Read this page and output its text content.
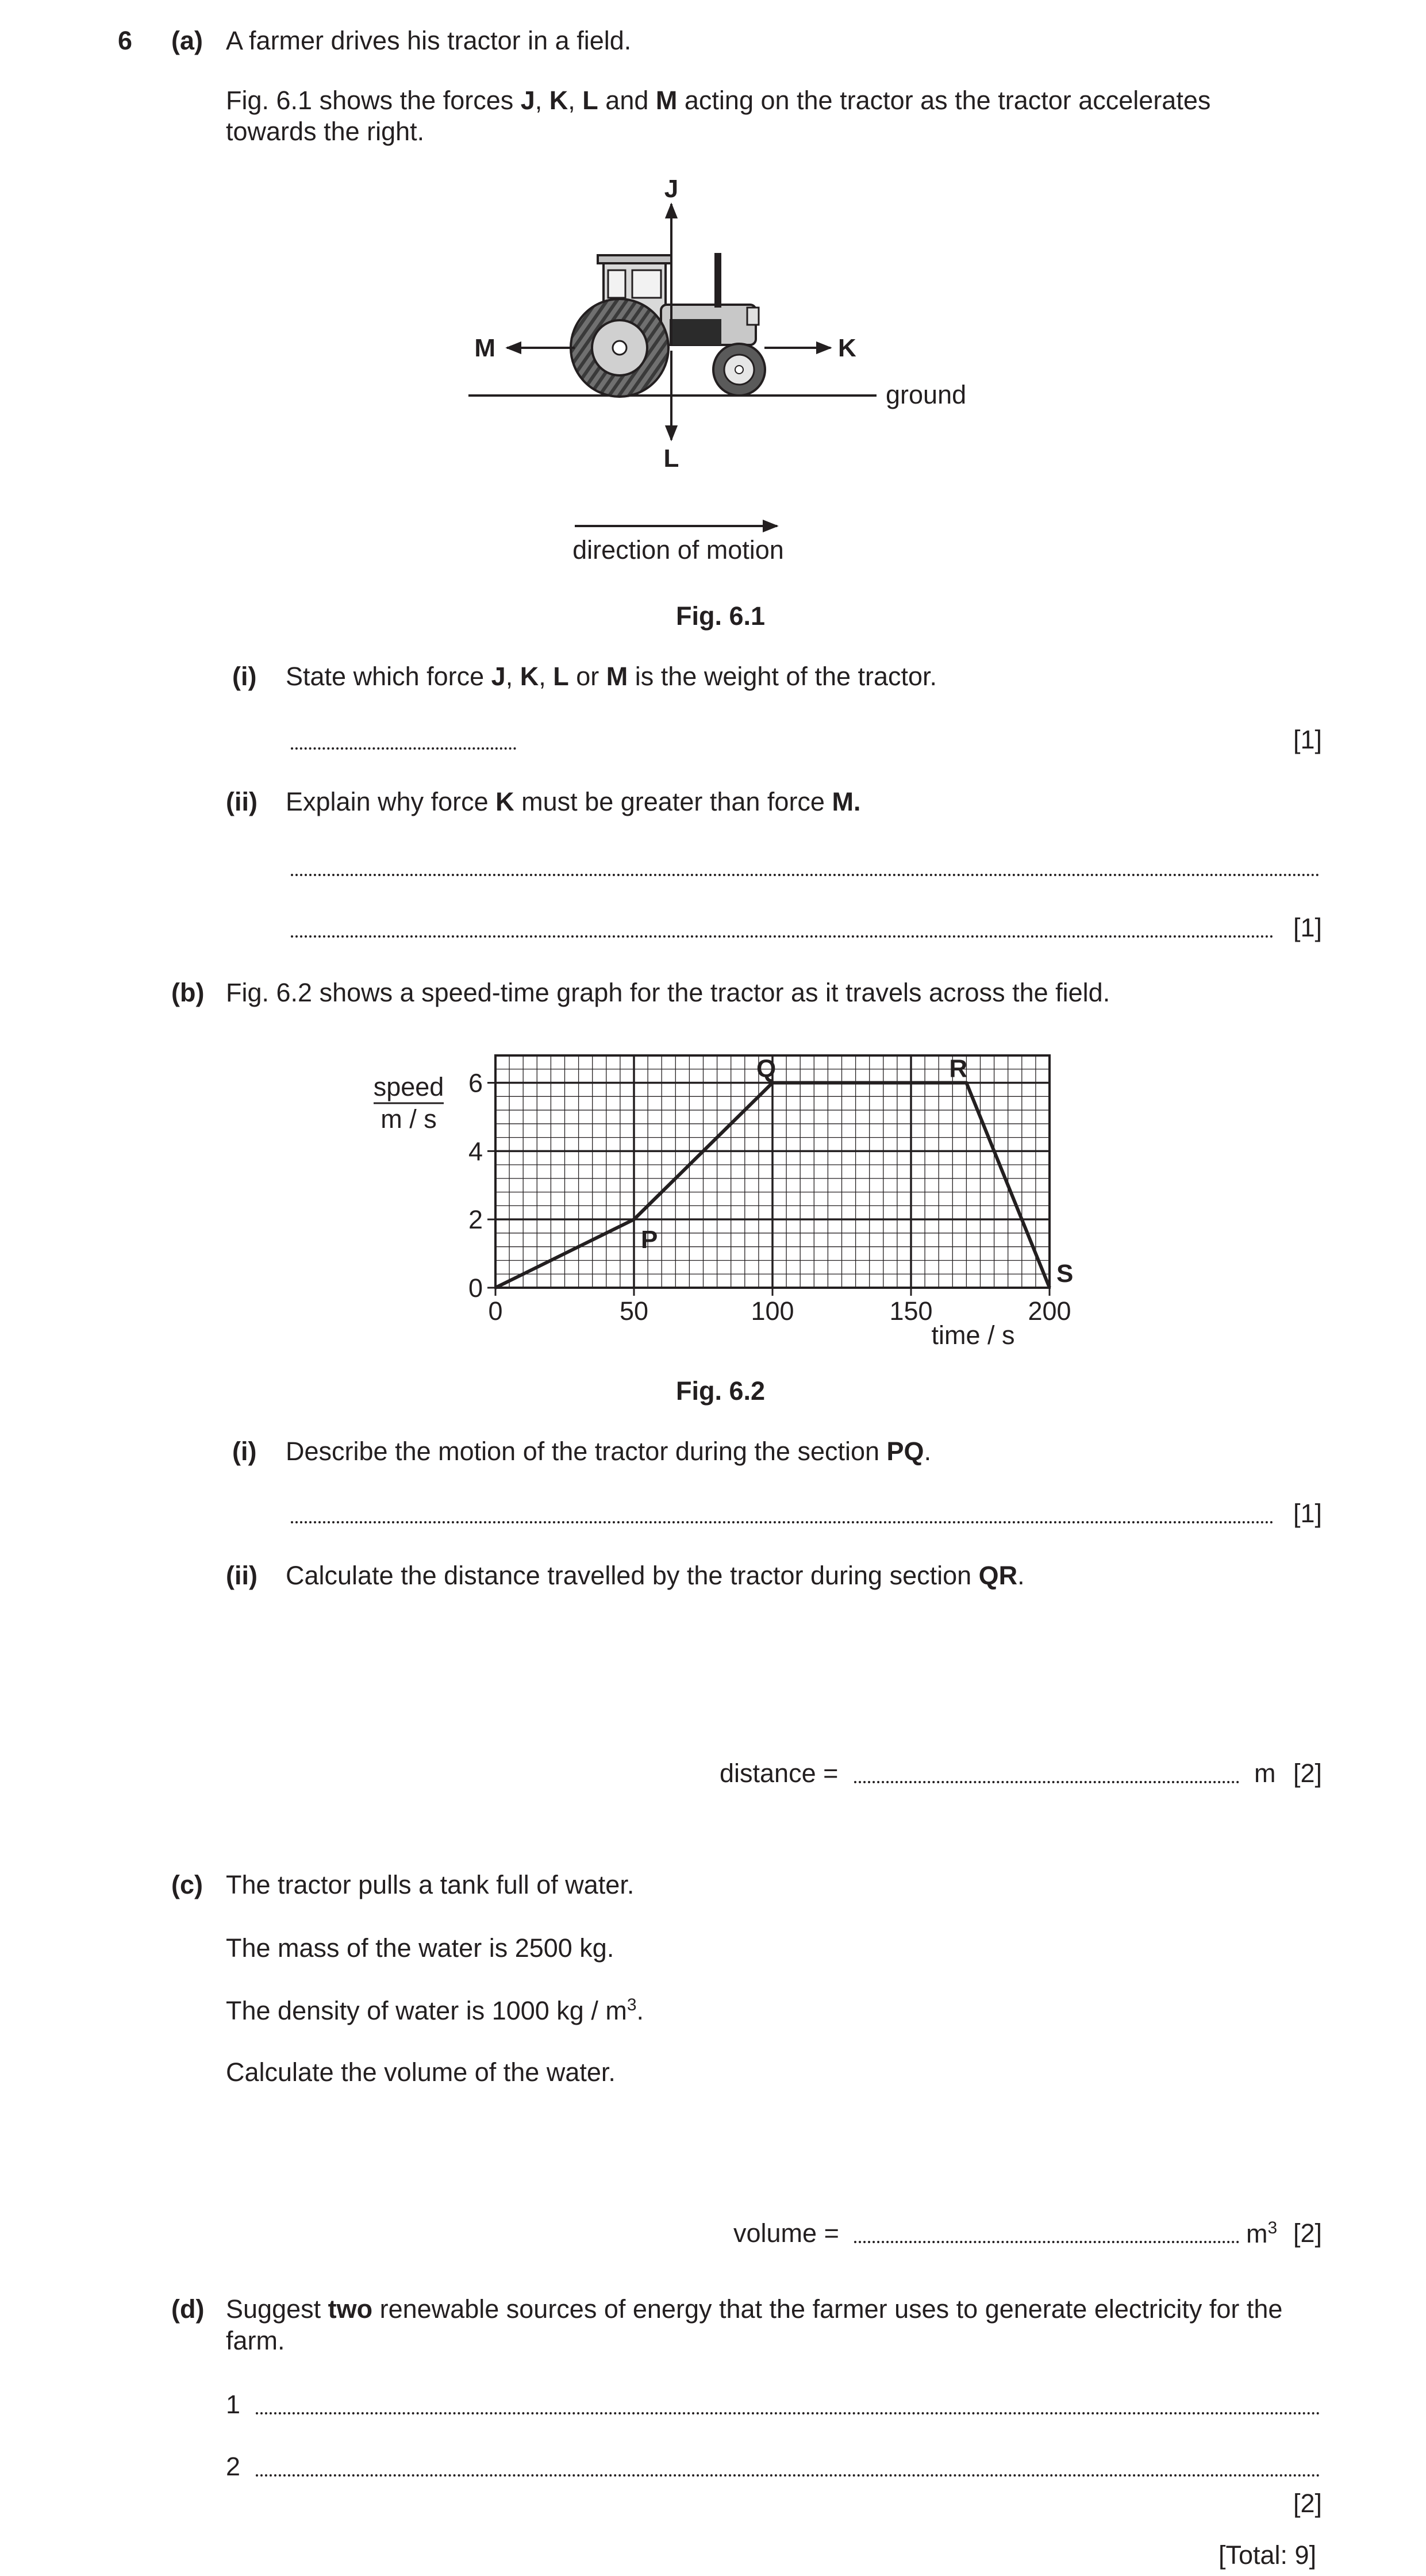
6 (a) A farmer drives his tractor in a field.
Fig. 6.1 shows the forces J, K, L and M acting on the tractor as the tractor accelerates towards the right.
J
L
M	K
ground
direction of motion
Fig. 6.1
(i) State which force J, K, L or M is the weight of the tractor.
[1]
(ii) Explain why force K must be greater than force M.
[1]
(b) Fig. 6.2 shows a speed-time graph for the tractor as it travels across the field.
0	50	100	150	200
0
2
4
6
P
Q	R
S
speed
m / s
time / s
Fig. 6.2
(i) Describe the motion of the tractor during the section PQ.
[1]
(ii) Calculate the distance travelled by the tractor during section QR.
distance =	m [2]
(c) The tractor pulls a tank full of water.
The mass of the water is 2500 kg.
The density of water is 1000 kg / $m^3$.
Calculate the volume of the water.
volume =	$m^3$ [2]
(d) Suggest two renewable sources of energy that the farmer uses to generate electricity for the
farm.
1
2
[2]
[Total: 9]
